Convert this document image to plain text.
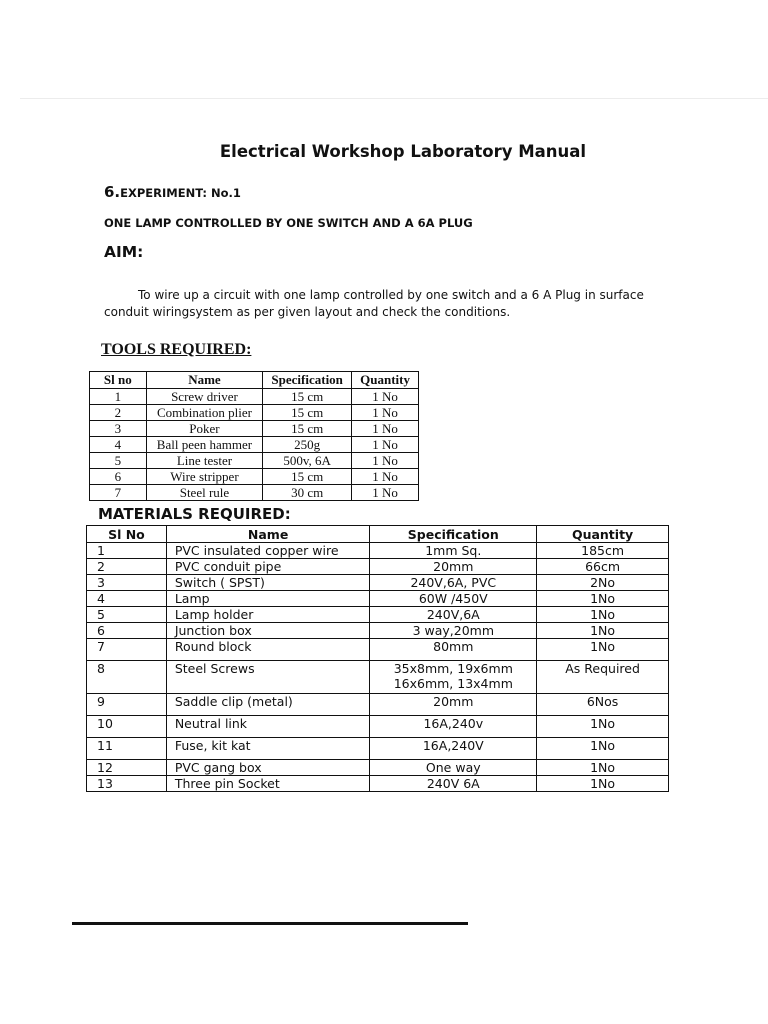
Electrical Workshop Laboratory Manual
6.EXPERIMENT: No.1
ONE LAMP CONTROLLED BY ONE SWITCH AND A 6A PLUG
AIM:
To wire up a circuit with one lamp controlled by one switch and a 6 A Plug in surface conduit wiringsystem as per given layout and check the conditions.
TOOLS REQUIRED:
Sl no	Name	Specification	Quantity
1	Screw driver	15 cm	1 No
2	Combination plier	15 cm	1 No
3	Poker	15 cm	1 No
4	Ball peen hammer	250g	1 No
5	Line tester	500v, 6A	1 No
6	Wire stripper	15 cm	1 No
7	Steel rule	30 cm	1 No
MATERIALS REQUIRED:
Sl No	Name	Specification	Quantity
1	PVC insulated copper wire	1mm Sq.	185cm
2	PVC conduit pipe	20mm	66cm
3	Switch ( SPST)	240V,6A, PVC	2No
4	Lamp	60W /450V	1No
5	Lamp holder	240V,6A	1No
6	Junction box	3 way,20mm	1No
7	Round block	80mm	1No
8	Steel Screws	35x8mm, 19x6mm 16x6mm, 13x4mm	As Required
9	Saddle clip (metal)	20mm	6Nos
10	Neutral link	16A,240v	1No
11	Fuse, kit kat	16A,240V	1No
12	PVC gang box	One way	1No
13	Three pin Socket	240V 6A	1No
